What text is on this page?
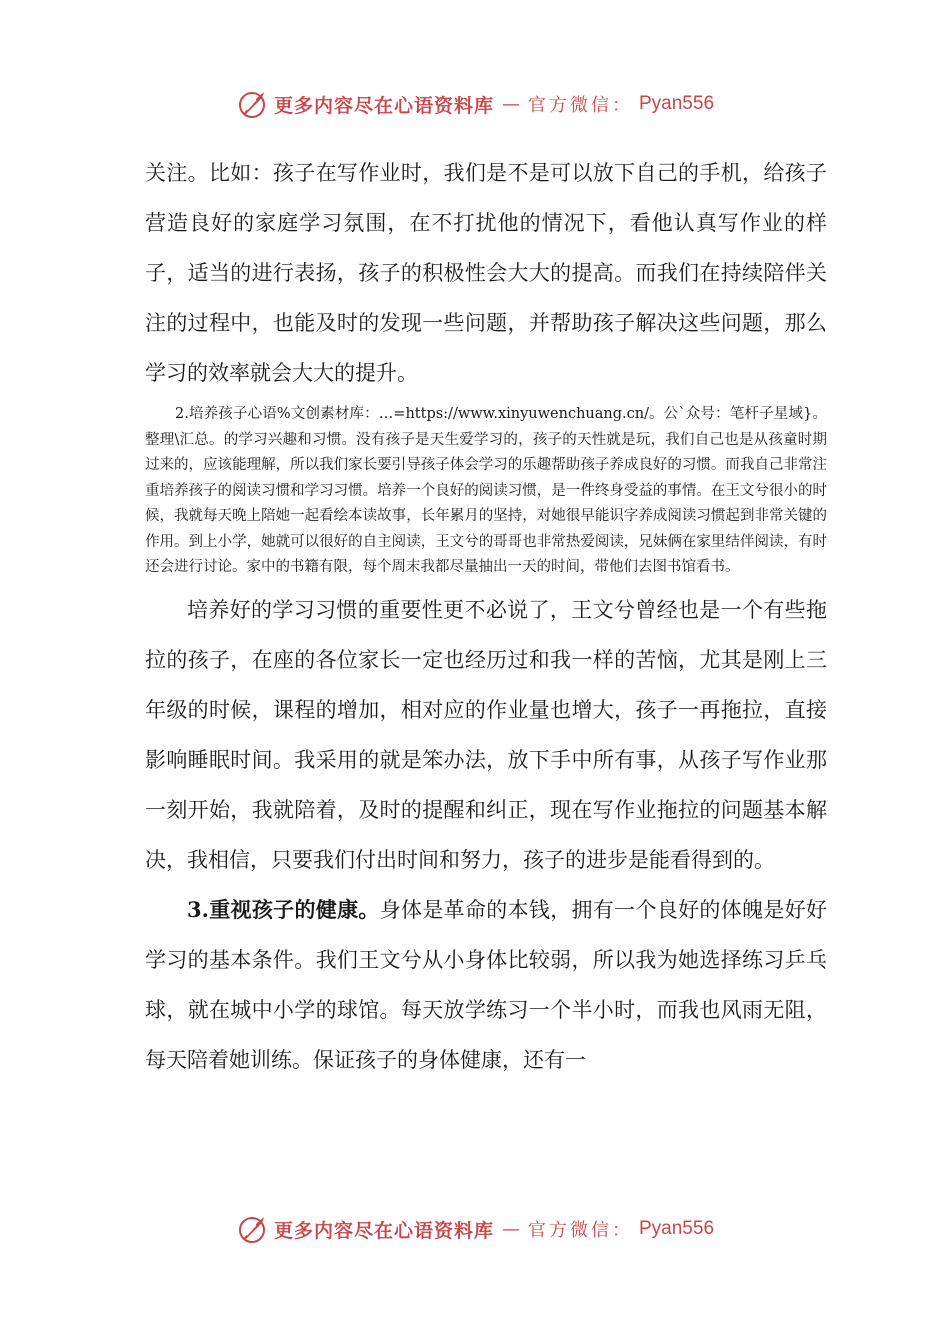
更多内容尽在心语资料库 — 官方微信： Pyan556

关注。比如：孩子在写作业时，我们是不是可以放下自己的手机，给孩子营造良好的家庭学习氛围，在不打扰他的情况下，看他认真写作业的样子，适当的进行表扬，孩子的积极性会大大的提高。而我们在持续陪伴关注的过程中，也能及时的发现一些问题，并帮助孩子解决这些问题，那么学习的效率就会大大的提升。

2.培养孩子心语%文创素材库：…=https://www.xinyuwenchuang.cn/。公`众号：笔杆子星域}。整理\汇总。的学习兴趣和习惯。没有孩子是天生爱学习的，孩子的天性就是玩，我们自己也是从孩童时期过来的，应该能理解，所以我们家长要引导孩子体会学习的乐趣帮助孩子养成良好的习惯。而我自己非常注重培养孩子的阅读习惯和学习习惯。培养一个良好的阅读习惯，是一件终身受益的事情。在王文兮很小的时候，我就每天晚上陪她一起看绘本读故事，长年累月的坚持，对她很早能识字养成阅读习惯起到非常关键的作用。到上小学，她就可以很好的自主阅读，王文兮的哥哥也非常热爱阅读，兄妹俩在家里结伴阅读，有时还会进行讨论。家中的书籍有限，每个周末我都尽量抽出一天的时间，带他们去图书馆看书。

培养好的学习习惯的重要性更不必说了，王文兮曾经也是一个有些拖拉的孩子，在座的各位家长一定也经历过和我一样的苦恼，尤其是刚上三年级的时候，课程的增加，相对应的作业量也增大，孩子一再拖拉，直接影响睡眠时间。我采用的就是笨办法，放下手中所有事，从孩子写作业那一刻开始，我就陪着，及时的提醒和纠正，现在写作业拖拉的问题基本解决，我相信，只要我们付出时间和努力，孩子的进步是能看得到的。

3.重视孩子的健康。身体是革命的本钱，拥有一个良好的体魄是好好学习的基本条件。我们王文兮从小身体比较弱，所以我为她选择练习乒乓球，就在城中小学的球馆。每天放学练习一个半小时，而我也风雨无阻，每天陪着她训练。保证孩子的身体健康，还有一

更多内容尽在心语资料库 — 官方微信： Pyan556
